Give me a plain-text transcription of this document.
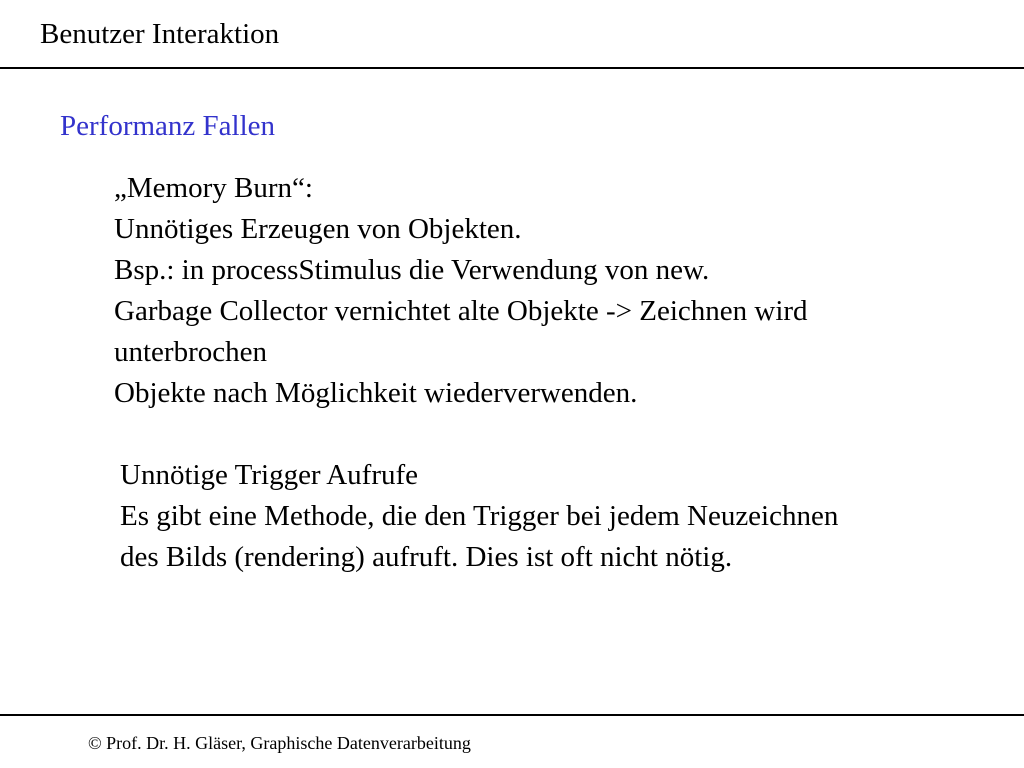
Benutzer Interaktion
Performanz Fallen
„Memory Burn“:
Unnötiges Erzeugen von Objekten.
Bsp.: in processStimulus die Verwendung von new.
Garbage Collector vernichtet alte Objekte -> Zeichnen wird
unterbrochen
Objekte nach Möglichkeit wiederverwenden.
Unnötige Trigger Aufrufe
Es gibt eine Methode, die den Trigger bei jedem Neuzeichnen
des Bilds (rendering) aufruft. Dies ist oft nicht nötig.
© Prof. Dr. H. Gläser, Graphische Datenverarbeitung
